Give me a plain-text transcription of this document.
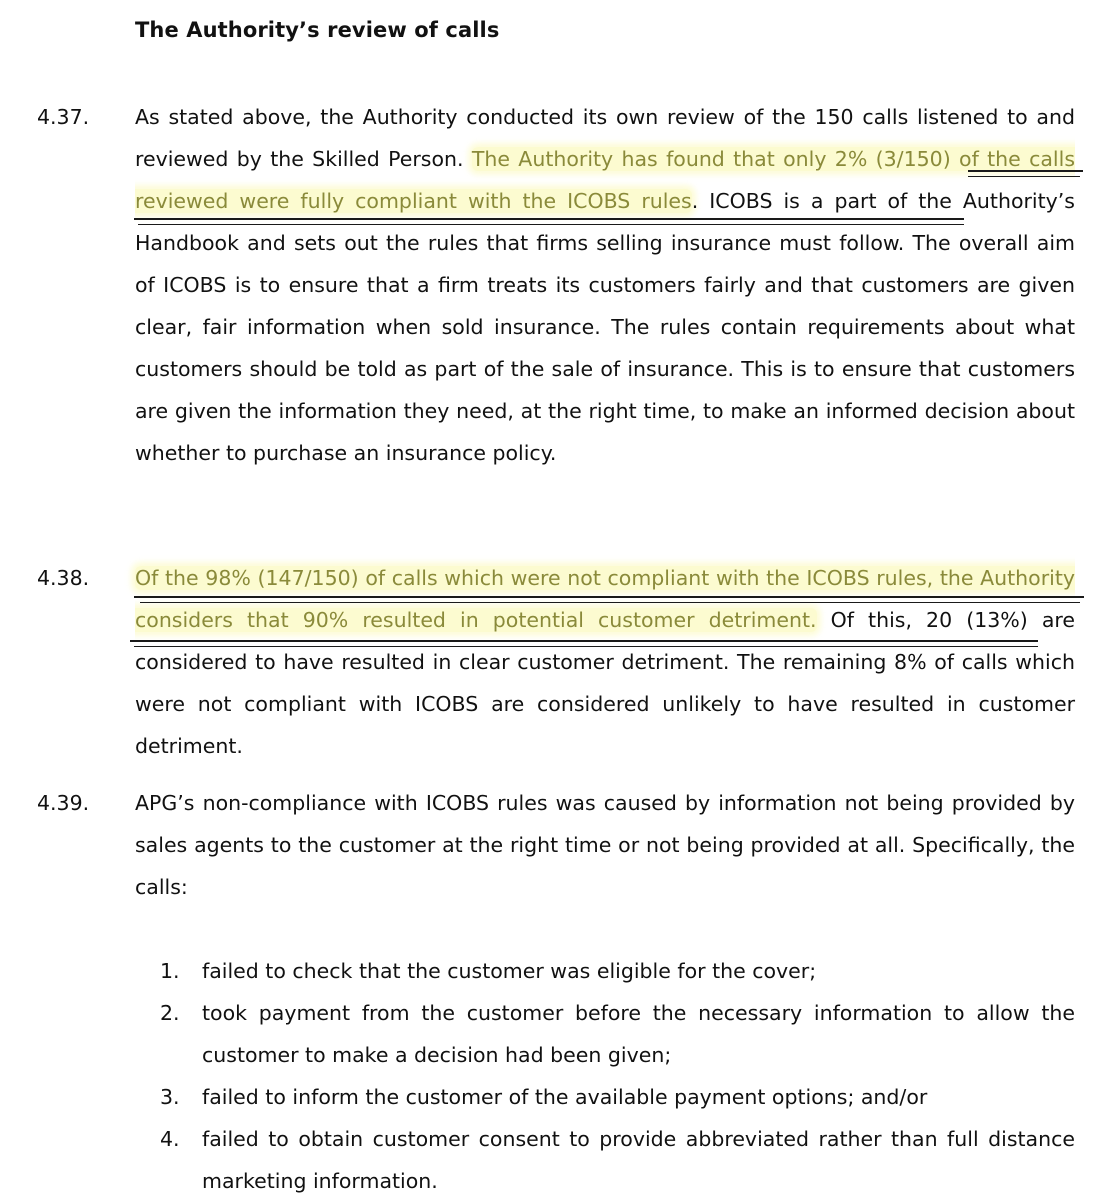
The Authority’s review of calls
4.37. As stated above, the Authority conducted its own review of the 150 calls listened to and reviewed by the Skilled Person. The Authority has found that only 2% (3/150) of the calls reviewed were fully compliant with the ICOBS rules. ICOBS is a part of the Authority’s Handbook and sets out the rules that firms selling insurance must follow. The overall aim of ICOBS is to ensure that a firm treats its customers fairly and that customers are given clear, fair information when sold insurance. The rules contain requirements about what customers should be told as part of the sale of insurance. This is to ensure that customers are given the information they need, at the right time, to make an informed decision about whether to purchase an insurance policy.

4.38. Of the 98% (147/150) of calls which were not compliant with the ICOBS rules, the Authority considers that 90% resulted in potential customer detriment. Of this, 20 (13%) are considered to have resulted in clear customer detriment. The remaining 8% of calls which were not compliant with ICOBS are considered unlikely to have resulted in customer detriment.

4.39. APG’s non-compliance with ICOBS rules was caused by information not being provided by sales agents to the customer at the right time or not being provided at all. Specifically, the calls:

1. failed to check that the customer was eligible for the cover;

2. took payment from the customer before the necessary information to allow the customer to make a decision had been given;

3. failed to inform the customer of the available payment options; and/or

4. failed to obtain customer consent to provide abbreviated rather than full distance marketing information.
